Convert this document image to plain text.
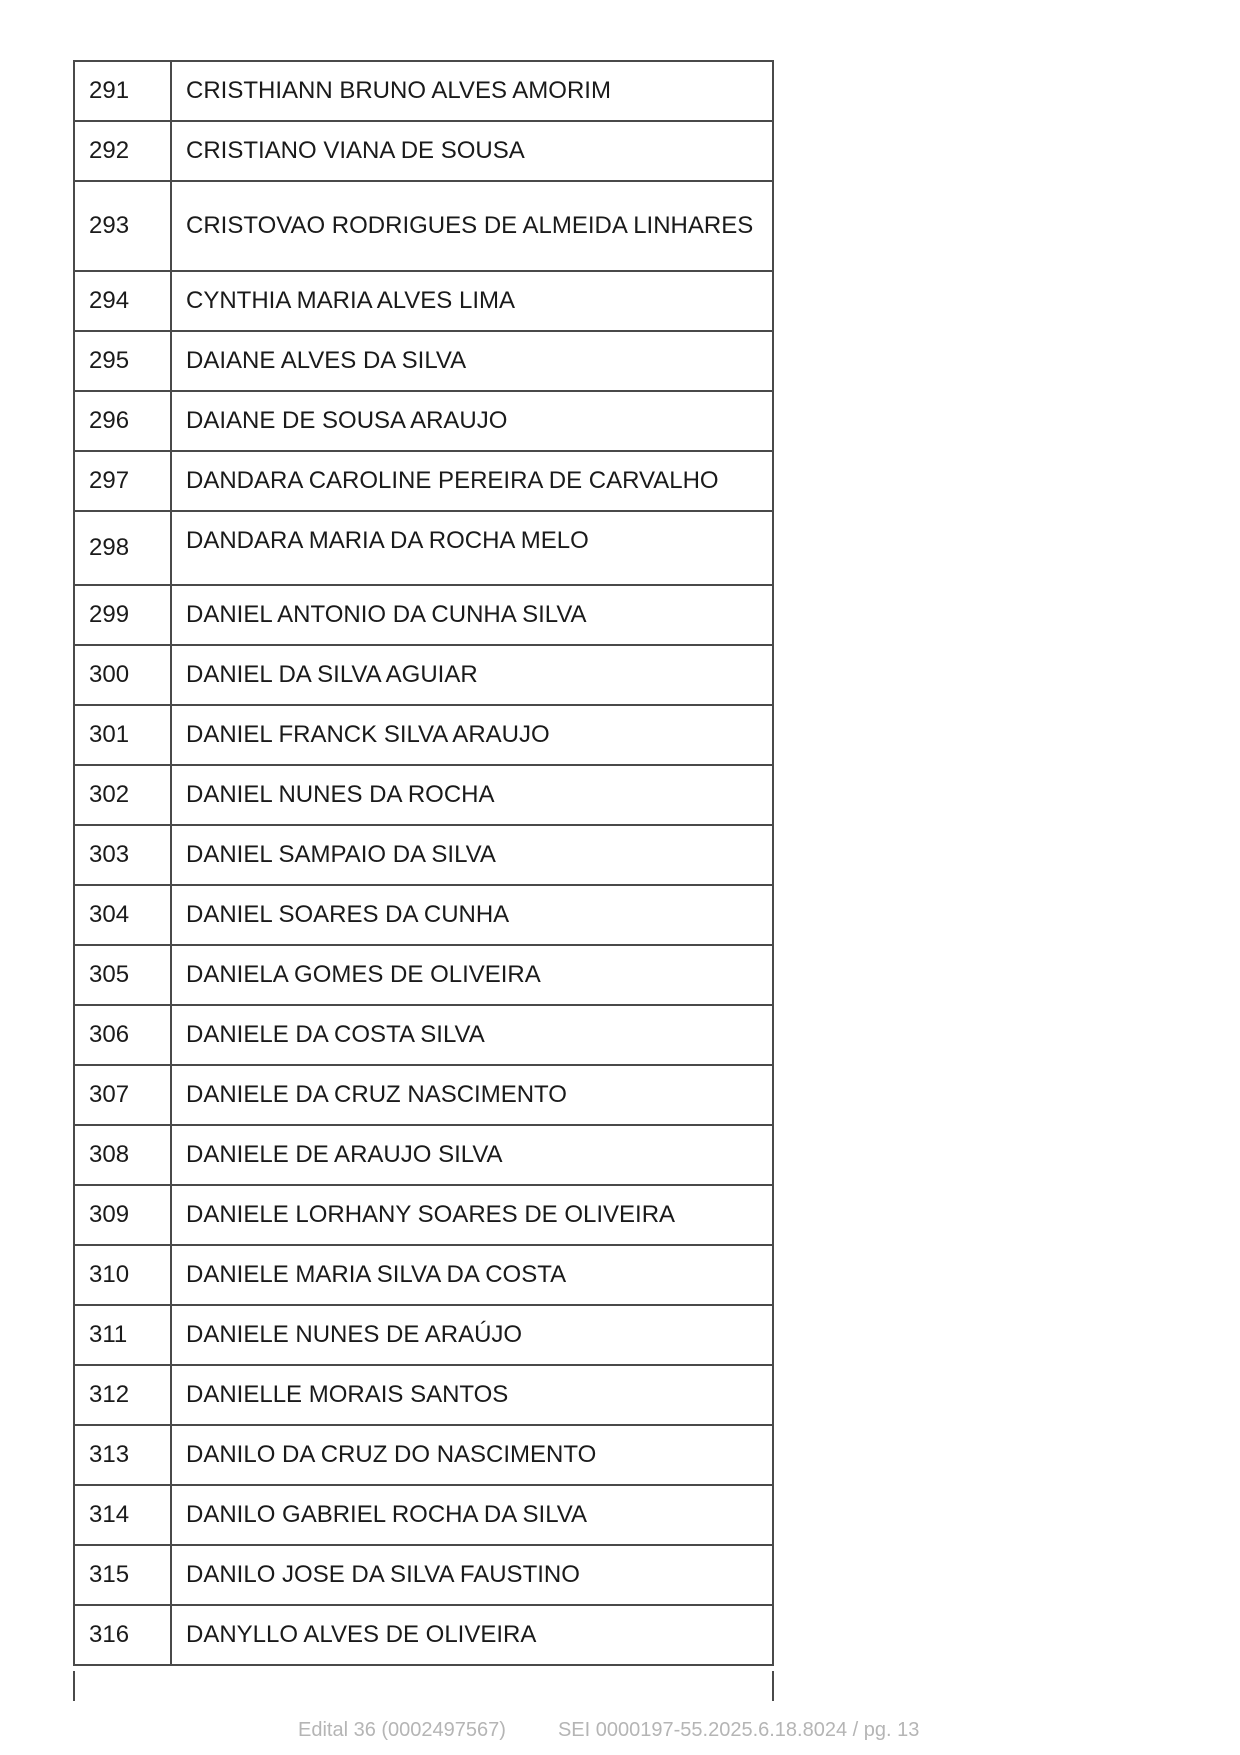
291	CRISTHIANN BRUNO ALVES AMORIM
292	CRISTIANO VIANA DE SOUSA
293	CRISTOVAO RODRIGUES DE ALMEIDA LINHARES
294	CYNTHIA MARIA ALVES LIMA
295	DAIANE ALVES DA SILVA
296	DAIANE DE SOUSA ARAUJO
297	DANDARA CAROLINE PEREIRA DE CARVALHO
298	DANDARA MARIA DA ROCHA MELO
299	DANIEL ANTONIO DA CUNHA SILVA
300	DANIEL DA SILVA AGUIAR
301	DANIEL FRANCK SILVA ARAUJO
302	DANIEL NUNES DA ROCHA
303	DANIEL SAMPAIO DA SILVA
304	DANIEL SOARES DA CUNHA
305	DANIELA GOMES DE OLIVEIRA
306	DANIELE DA COSTA SILVA
307	DANIELE DA CRUZ NASCIMENTO
308	DANIELE DE ARAUJO SILVA
309	DANIELE LORHANY SOARES DE OLIVEIRA
310	DANIELE MARIA SILVA DA COSTA
311	DANIELE NUNES DE ARAÚJO
312	DANIELLE MORAIS SANTOS
313	DANILO DA CRUZ DO NASCIMENTO
314	DANILO GABRIEL ROCHA DA SILVA
315	DANILO JOSE DA SILVA FAUSTINO
316	DANYLLO ALVES DE OLIVEIRA
Edital 36 (0002497567)	SEI 0000197-55.2025.6.18.8024 / pg. 13
